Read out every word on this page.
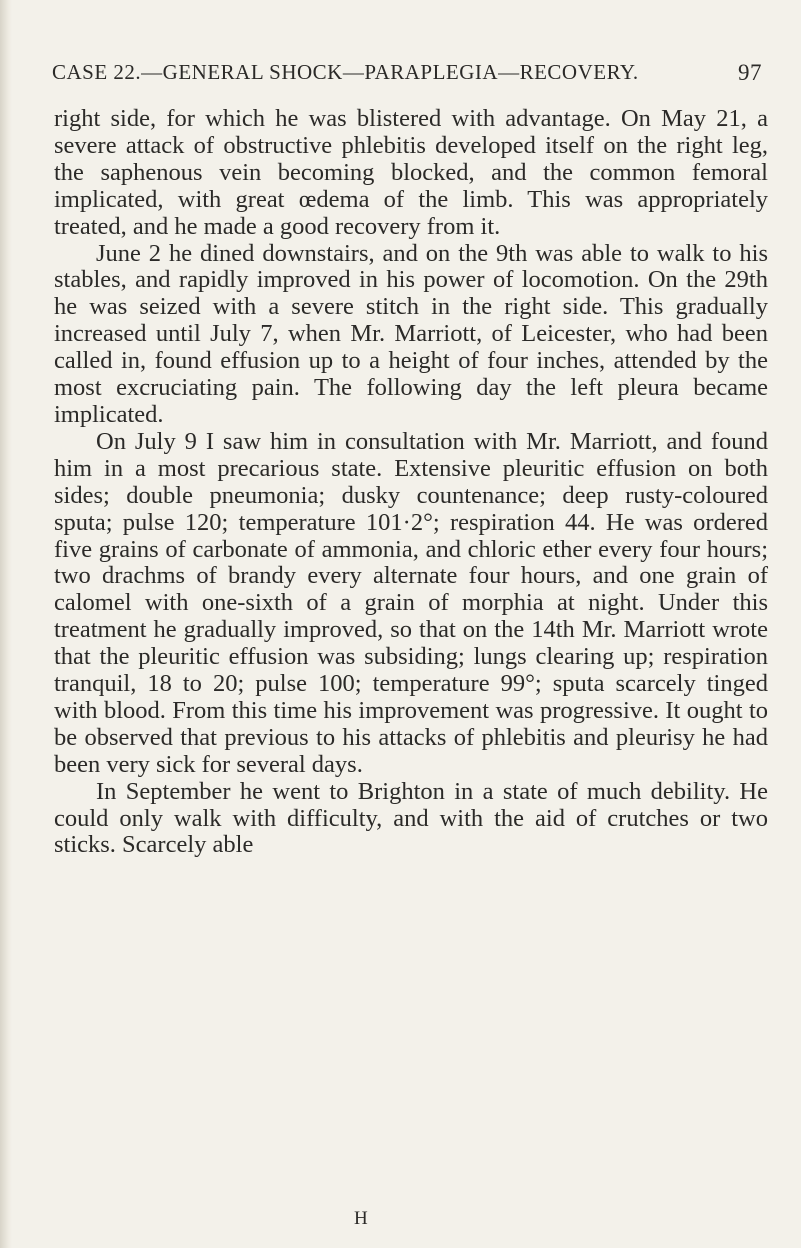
CASE 22.—GENERAL SHOCK—PARAPLEGIA—RECOVERY.	97

right side, for which he was blistered with advantage. On May 21, a severe attack of obstructive phlebitis developed itself on the right leg, the saphenous vein becoming blocked, and the common femoral implicated, with great œdema of the limb. This was appropriately treated, and he made a good recovery from it.

June 2 he dined downstairs, and on the 9th was able to walk to his stables, and rapidly improved in his power of locomotion. On the 29th he was seized with a severe stitch in the right side. This gradually increased until July 7, when Mr. Marriott, of Leicester, who had been called in, found effusion up to a height of four inches, attended by the most excruciating pain. The following day the left pleura became implicated.

On July 9 I saw him in consultation with Mr. Marriott, and found him in a most precarious state. Extensive pleuritic effusion on both sides; double pneumonia; dusky countenance; deep rusty-coloured sputa; pulse 120; temperature 101·2°; respiration 44. He was ordered five grains of carbonate of ammonia, and chloric ether every four hours; two drachms of brandy every alternate four hours, and one grain of calomel with one-sixth of a grain of morphia at night. Under this treatment he gradually improved, so that on the 14th Mr. Marriott wrote that the pleuritic effusion was subsiding; lungs clearing up; respiration tranquil, 18 to 20; pulse 100; temperature 99°; sputa scarcely tinged with blood. From this time his improvement was progressive. It ought to be observed that previous to his attacks of phlebitis and pleurisy he had been very sick for several days.

In September he went to Brighton in a state of much debility. He could only walk with difficulty, and with the aid of crutches or two sticks. Scarcely able

H
